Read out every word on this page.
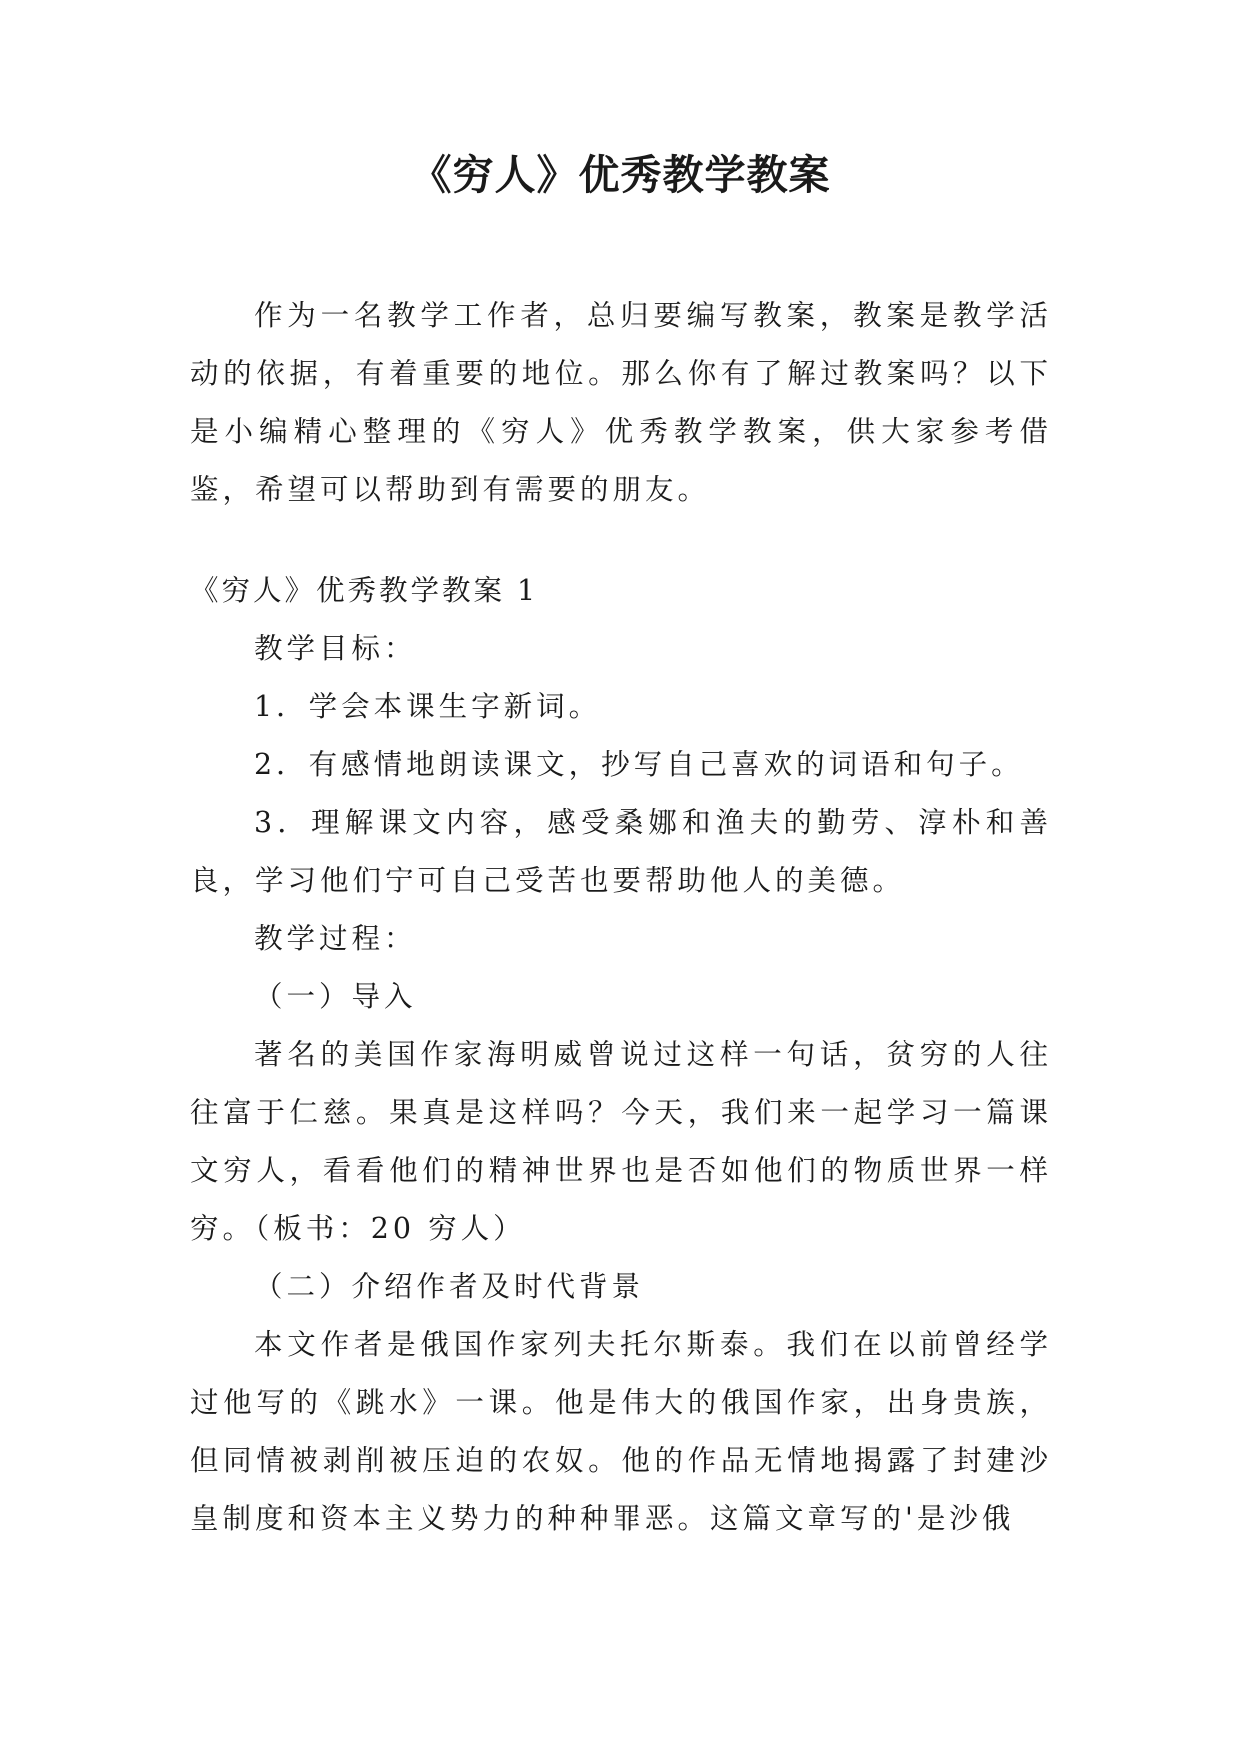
《穷人》优秀教学教案

作为一名教学工作者，总归要编写教案，教案是教学活动的依据，有着重要的地位。那么你有了解过教案吗？以下是小编精心整理的《穷人》优秀教学教案，供大家参考借鉴，希望可以帮助到有需要的朋友。

《穷人》优秀教学教案 1

教学目标：

1．学会本课生字新词。

2．有感情地朗读课文，抄写自己喜欢的词语和句子。

3．理解课文内容，感受桑娜和渔夫的勤劳、淳朴和善良，学习他们宁可自己受苦也要帮助他人的美德。

教学过程：

（一）导入

著名的美国作家海明威曾说过这样一句话，贫穷的人往往富于仁慈。果真是这样吗？今天，我们来一起学习一篇课文穷人，看看他们的精神世界也是否如他们的物质世界一样穷。（板书：20 穷人）

（二）介绍作者及时代背景

本文作者是俄国作家列夫托尔斯泰。我们在以前曾经学过他写的《跳水》一课。他是伟大的俄国作家，出身贵族，但同情被剥削被压迫的农奴。他的作品无情地揭露了封建沙皇制度和资本主义势力的种种罪恶。这篇文章写的'是沙俄
